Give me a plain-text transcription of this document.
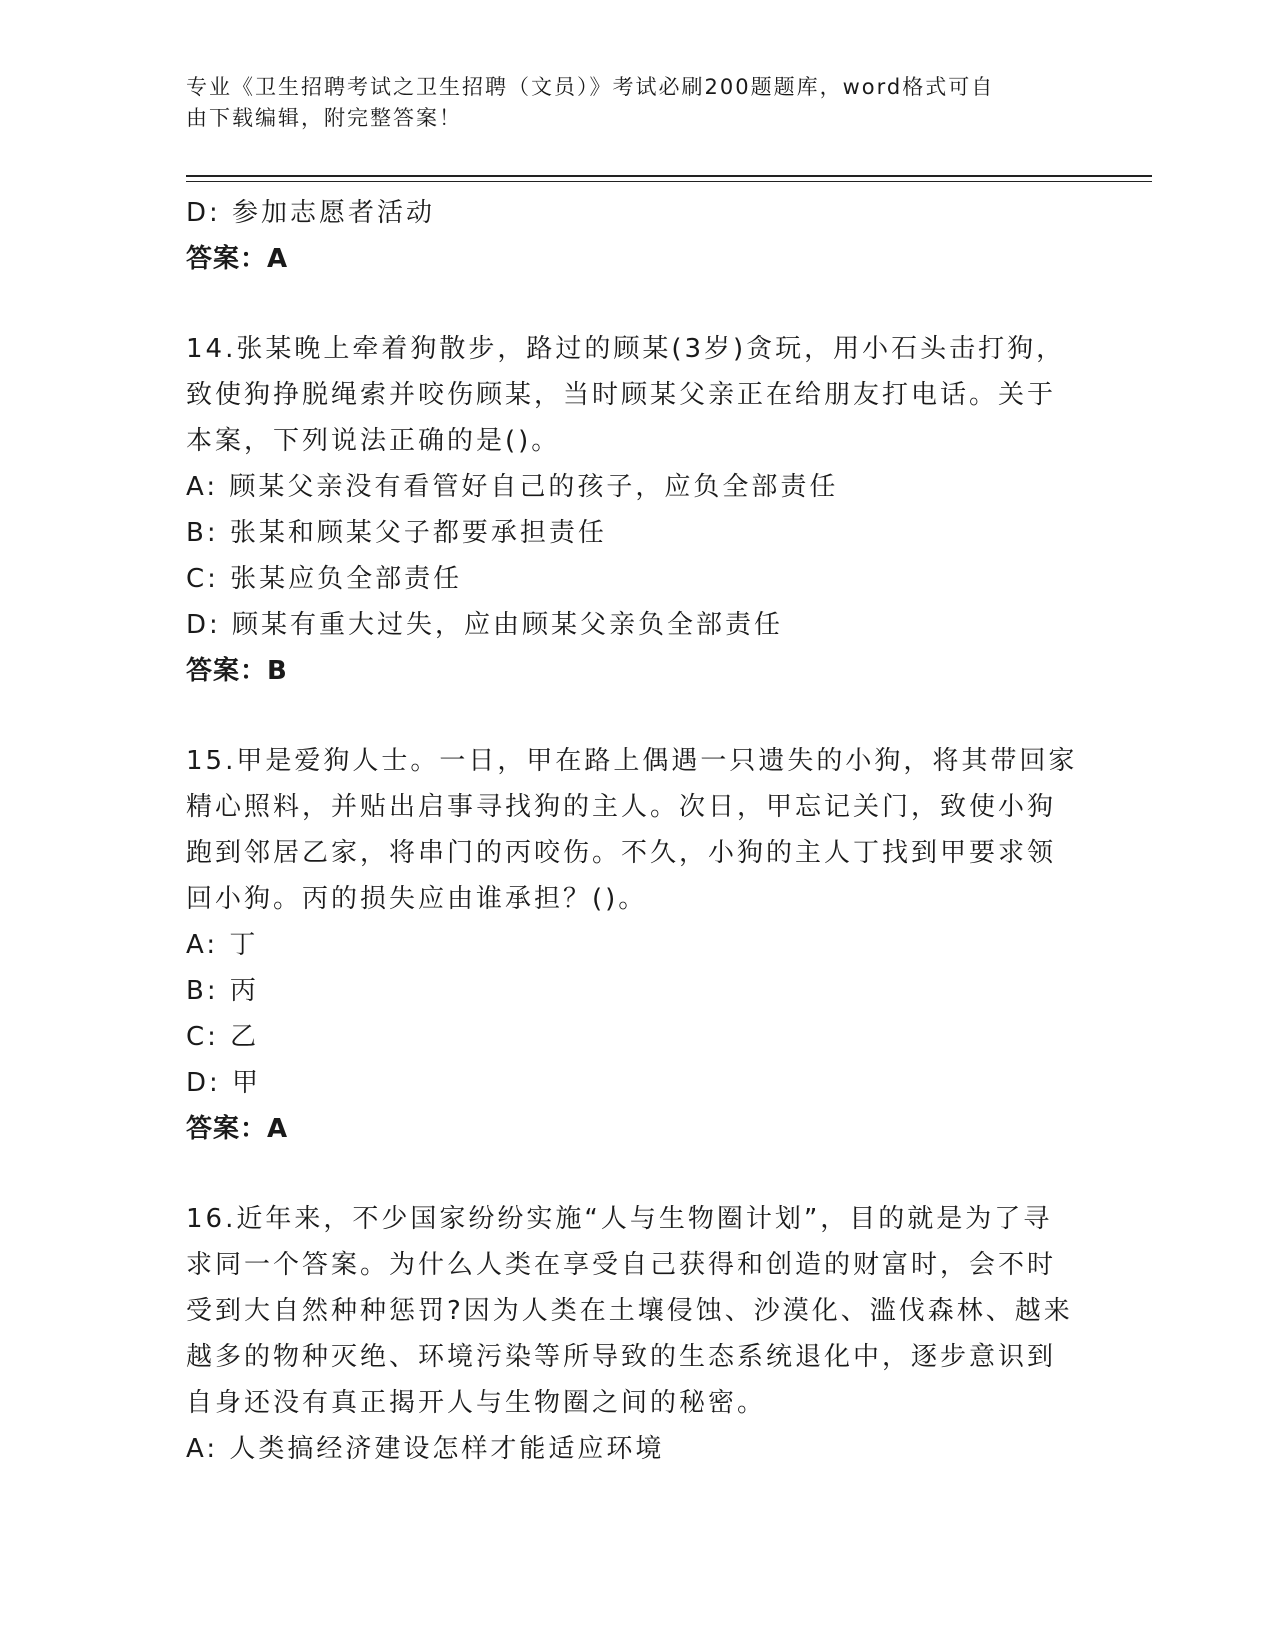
专业《卫生招聘考试之卫生招聘（文员）》考试必刷200题题库，word格式可自
由下载编辑，附完整答案！
D: 参加志愿者活动
答案：A
14.张某晚上牵着狗散步，路过的顾某(3岁)贪玩，用小石头击打狗，
致使狗挣脱绳索并咬伤顾某，当时顾某父亲正在给朋友打电话。关于
本案，下列说法正确的是()。
A: 顾某父亲没有看管好自己的孩子，应负全部责任
B: 张某和顾某父子都要承担责任
C: 张某应负全部责任
D: 顾某有重大过失，应由顾某父亲负全部责任
答案：B
15.甲是爱狗人士。一日，甲在路上偶遇一只遗失的小狗，将其带回家
精心照料，并贴出启事寻找狗的主人。次日，甲忘记关门，致使小狗
跑到邻居乙家，将串门的丙咬伤。不久，小狗的主人丁找到甲要求领
回小狗。丙的损失应由谁承担？()。
A: 丁
B: 丙
C: 乙
D: 甲
答案：A
16.近年来，不少国家纷纷实施“人与生物圈计划”，目的就是为了寻
求同一个答案。为什么人类在享受自己获得和创造的财富时，会不时
受到大自然种种惩罚?因为人类在土壤侵蚀、沙漠化、滥伐森林、越来
越多的物种灭绝、环境污染等所导致的生态系统退化中，逐步意识到
自身还没有真正揭开人与生物圈之间的秘密。
A: 人类搞经济建设怎样才能适应环境
